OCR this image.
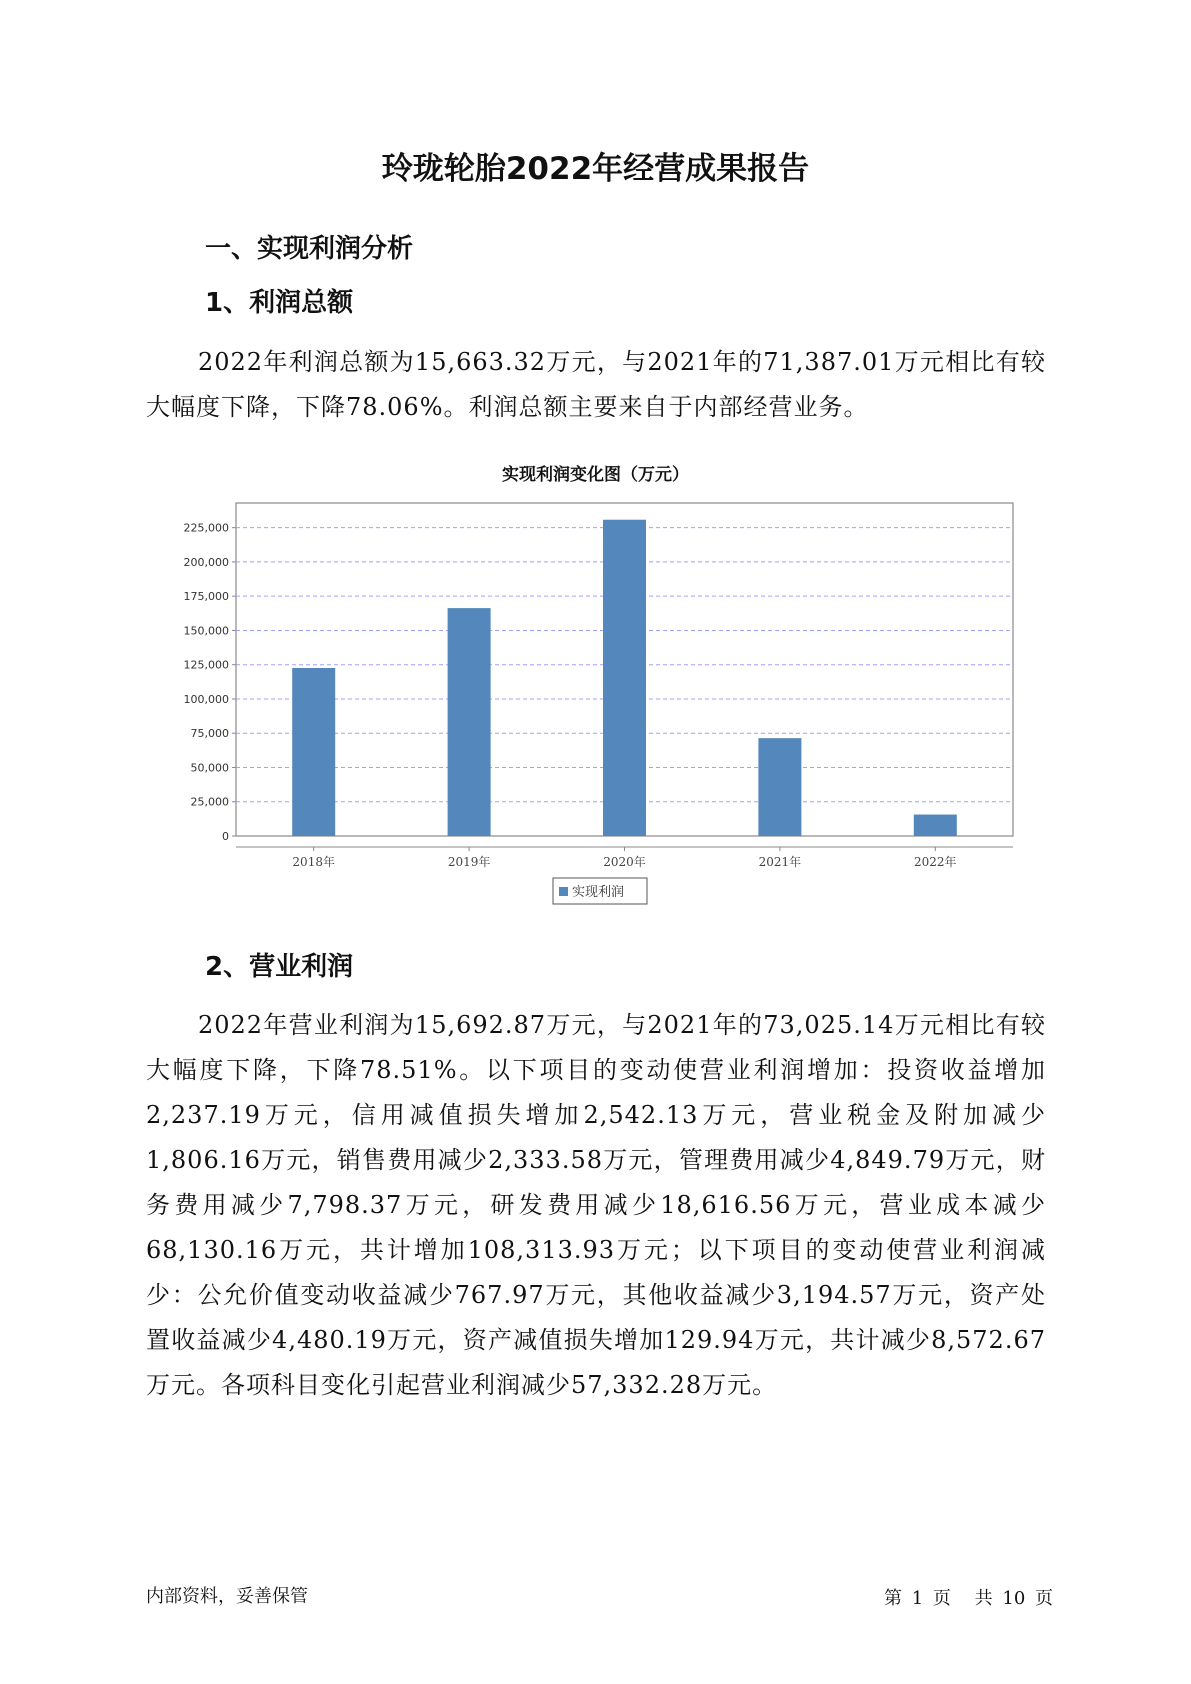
玲珑轮胎2022年经营成果报告
一、实现利润分析
1、利润总额
2022年利润总额为15,663.32万元，与2021年的71,387.01万元相比有较大幅度下降，下降78.06%。利润总额主要来自于内部经营业务。
实现利润变化图（万元）
0
25,000
50,000
75,000
100,000
125,000
150,000
175,000
200,000
225,000
2018年	2019年	2020年	2021年	2022年
实现利润
2、营业利润
2022年营业利润为15,692.87万元，与2021年的73,025.14万元相比有较大幅度下降，下降78.51%。以下项目的变动使营业利润增加：投资收益增加2,237.19万元，信用减值损失增加2,542.13万元，营业税金及附加减少1,806.16万元，销售费用减少2,333.58万元，管理费用减少4,849.79万元，财务费用减少7,798.37万元，研发费用减少18,616.56万元，营业成本减少68,130.16万元，共计增加108,313.93万元；以下项目的变动使营业利润减少：公允价值变动收益减少767.97万元，其他收益减少3,194.57万元，资产处置收益减少4,480.19万元，资产减值损失增加129.94万元，共计减少8,572.67万元。各项科目变化引起营业利润减少57,332.28万元。
内部资料，妥善保管	第 1 页 共 10 页
